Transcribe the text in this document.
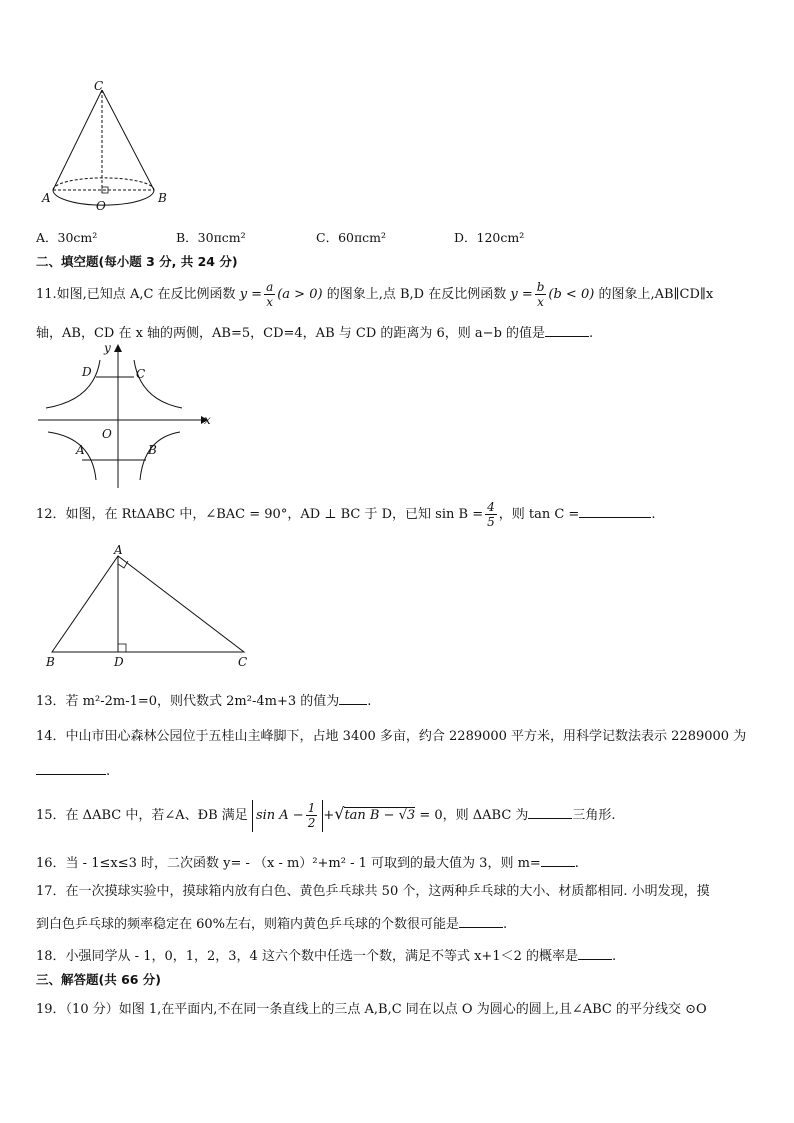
C
A
O
B
A．30cm²	B．30πcm²	C．60πcm²	D．120cm²
二、填空题(每小题 3 分, 共 24 分)
11.如图,已知点 A,C 在反比例函数 $y = \frac{a}{x} (a > 0)$ 的图象上,点 B,D 在反比例函数 $y = \frac{b}{x} (b < 0)$ 的图象上,AB∥CD∥x
轴，AB，CD 在 x 轴的两侧，AB=5，CD=4，AB 与 CD 的距离为 6，则 a−b 的值是	.
y
x
O
D	C
A	B
12．如图，在 RtΔABC 中，∠BAC = 90°，AD ⊥ BC 于 D，已知 $\sin B = \frac{4}{5}$ ，则 tan C =	.
A
B	D	C
13．若 m²-2m-1=0，则代数式 2m²-4m+3 的值为 .
14．中山市田心森林公园位于五桂山主峰脚下，占地 3400 多亩，约合 2289000 平方米，用科学记数法表示 2289000 为
.
15．在 ΔABC 中，若∠A、ÐB 满足 $\sin A - \frac{1}{2} +√\tan$ B − √3 = 0，则 ΔABC 为	三角形.
16．当 - 1≤x≤3 时，二次函数 y= - （x - m）²+m² - 1 可取到的最大值为 3，则 m=	.
17．在一次摸球实验中，摸球箱内放有白色、黄色乒乓球共 50 个，这两种乒乓球的大小、材质都相同. 小明发现，摸
到白色乒乓球的频率稳定在 60%左右，则箱内黄色乒乓球的个数很可能是	.
18．小强同学从 - 1，0，1，2，3，4 这六个数中任选一个数，满足不等式 x+1＜2 的概率是	.
三、解答题(共 66 分)
19．（10 分）如图 1,在平面内,不在同一条直线上的三点 A,B,C 同在以点 O 为圆心的圆上,且∠ABC 的平分线交 ⊙O
